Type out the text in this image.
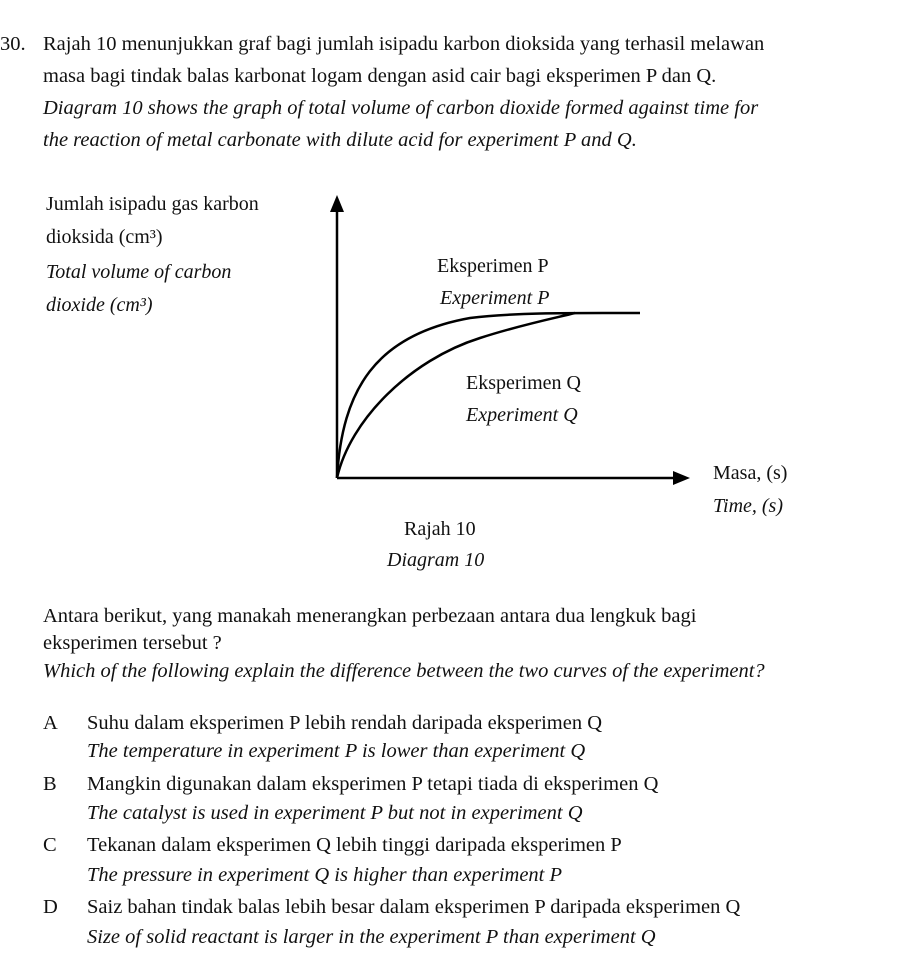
30. Rajah 10 menunjukkan graf bagi jumlah isipadu karbon dioksida yang terhasil melawan
masa bagi tindak balas karbonat logam dengan asid cair bagi eksperimen P dan Q.
Diagram 10 shows the graph of total volume of carbon dioxide formed against time for
the reaction of metal carbonate with dilute acid for experiment P and Q.
Jumlah isipadu gas karbon
dioksida (cm³)
Total volume of carbon
dioxide (cm³)
Eksperimen P
Experiment P
Eksperimen Q
Experiment Q
Masa, (s)
Time, (s)
Rajah 10
Diagram 10
Antara berikut, yang manakah menerangkan perbezaan antara dua lengkuk bagi
eksperimen tersebut ?
Which of the following explain the difference between the two curves of the experiment?
A Suhu dalam eksperimen P lebih rendah daripada eksperimen Q
The temperature in experiment P is lower than experiment Q
B Mangkin digunakan dalam eksperimen P tetapi tiada di eksperimen Q
The catalyst is used in experiment P but not in experiment Q
C Tekanan dalam eksperimen Q lebih tinggi daripada eksperimen P
The pressure in experiment Q is higher than experiment P
D Saiz bahan tindak balas lebih besar dalam eksperimen P daripada eksperimen Q
Size of solid reactant is larger in the experiment P than experiment Q
